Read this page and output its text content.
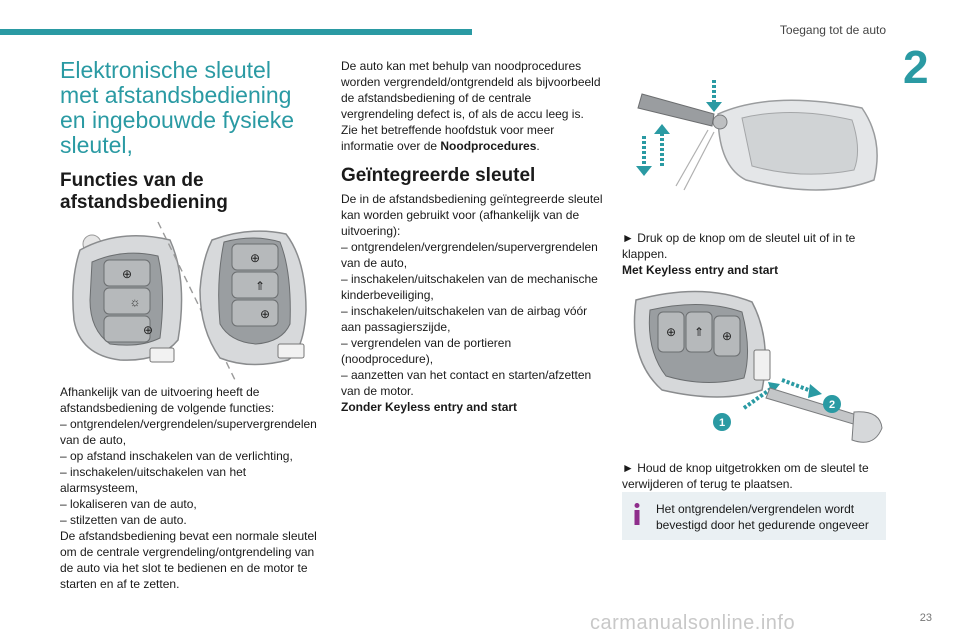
Toegang tot de auto
2
Elektronische sleutel met afstandsbediening en ingebouwde fysieke sleutel,
Functies van de afstandsbediening
⊕
☼
⊕
⊕
⇑
⊕

Afhankelijk van de uitvoering heeft de afstandsbediening de volgende functies:

– ontgrendelen/vergrendelen/supervergrendelen van de auto,

– op afstand inschakelen van de verlichting,

– inschakelen/uitschakelen van het alarmsysteem,

– lokaliseren van de auto,

– stilzetten van de auto.

De afstandsbediening bevat een normale sleutel om de centrale vergrendeling/ontgrendeling van de auto via het slot te bedienen en de motor te starten en af te zetten.

De auto kan met behulp van noodprocedures worden vergrendeld/ontgrendeld als bijvoorbeeld de afstandsbediening of de centrale vergrendeling defect is, of als de accu leeg is. Zie het betreffende hoofdstuk voor meer informatie over de Noodprocedures.

Geïntegreerde sleutel

De in de afstandsbediening geïntegreerde sleutel kan worden gebruikt voor (afhankelijk van de uitvoering):

– ontgrendelen/vergrendelen/supervergrendelen van de auto,

– inschakelen/uitschakelen van de mechanische kinderbeveiliging,

– inschakelen/uitschakelen van de airbag vóór aan passagierszijde,

– vergrendelen van de portieren (noodprocedure),

– aanzetten van het contact en starten/afzetten van de motor.

Zonder Keyless entry and start

► Druk op de knop om de sleutel uit of in te klappen.

Met Keyless entry and start

⊕ ⇑ ⊕
1
2

► Houd de knop uitgetrokken om de sleutel te verwijderen of terug te plaatsen.

Het ontgrendelen/vergrendelen wordt bevestigd door het gedurende ongeveer
carmanualsonline.info	23
